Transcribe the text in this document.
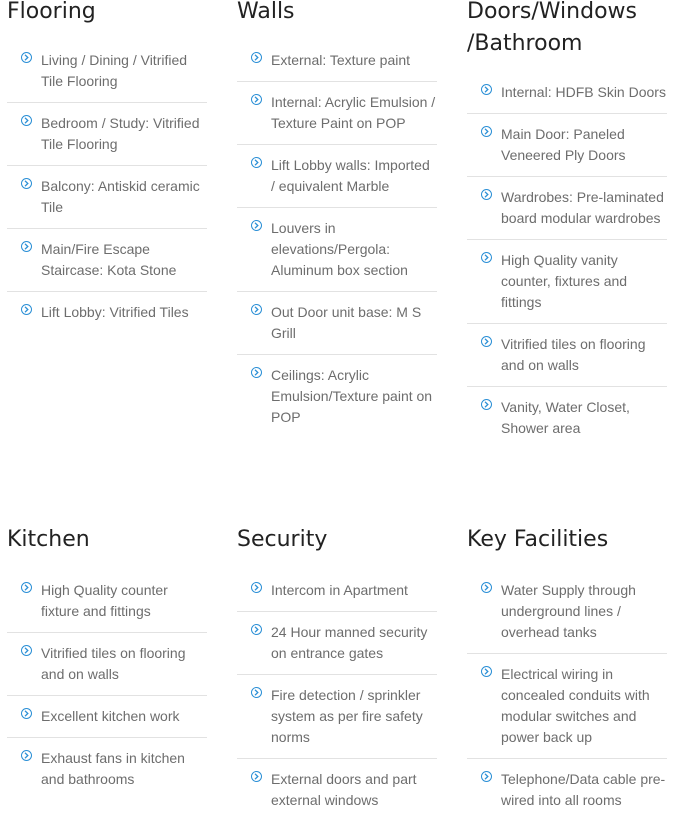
Flooring
Living / Dining / Vitrified Tile Flooring
Bedroom / Study: Vitrified Tile Flooring
Balcony: Antiskid ceramic Tile
Main/Fire Escape Staircase: Kota Stone
Lift Lobby: Vitrified Tiles
Walls
External: Texture paint
Internal: Acrylic Emulsion / Texture Paint on POP
Lift Lobby walls: Imported / equivalent Marble
Louvers in elevations/Pergola: Aluminum box section
Out Door unit base: M S Grill
Ceilings: Acrylic Emulsion/Texture paint on POP
Doors/Windows /Bathroom
Internal: HDFB Skin Doors
Main Door: Paneled Veneered Ply Doors
Wardrobes: Pre-laminated board modular wardrobes
High Quality vanity counter, fixtures and fittings
Vitrified tiles on flooring and on walls
Vanity, Water Closet, Shower area
Kitchen
High Quality counter fixture and fittings
Vitrified tiles on flooring and on walls
Excellent kitchen work
Exhaust fans in kitchen and bathrooms
Security
Intercom in Apartment
24 Hour manned security on entrance gates
Fire detection / sprinkler system as per fire safety norms
External doors and part external windows
Key Facilities
Water Supply through underground lines / overhead tanks
Electrical wiring in concealed conduits with modular switches and power back up
Telephone/Data cable pre-wired into all rooms
